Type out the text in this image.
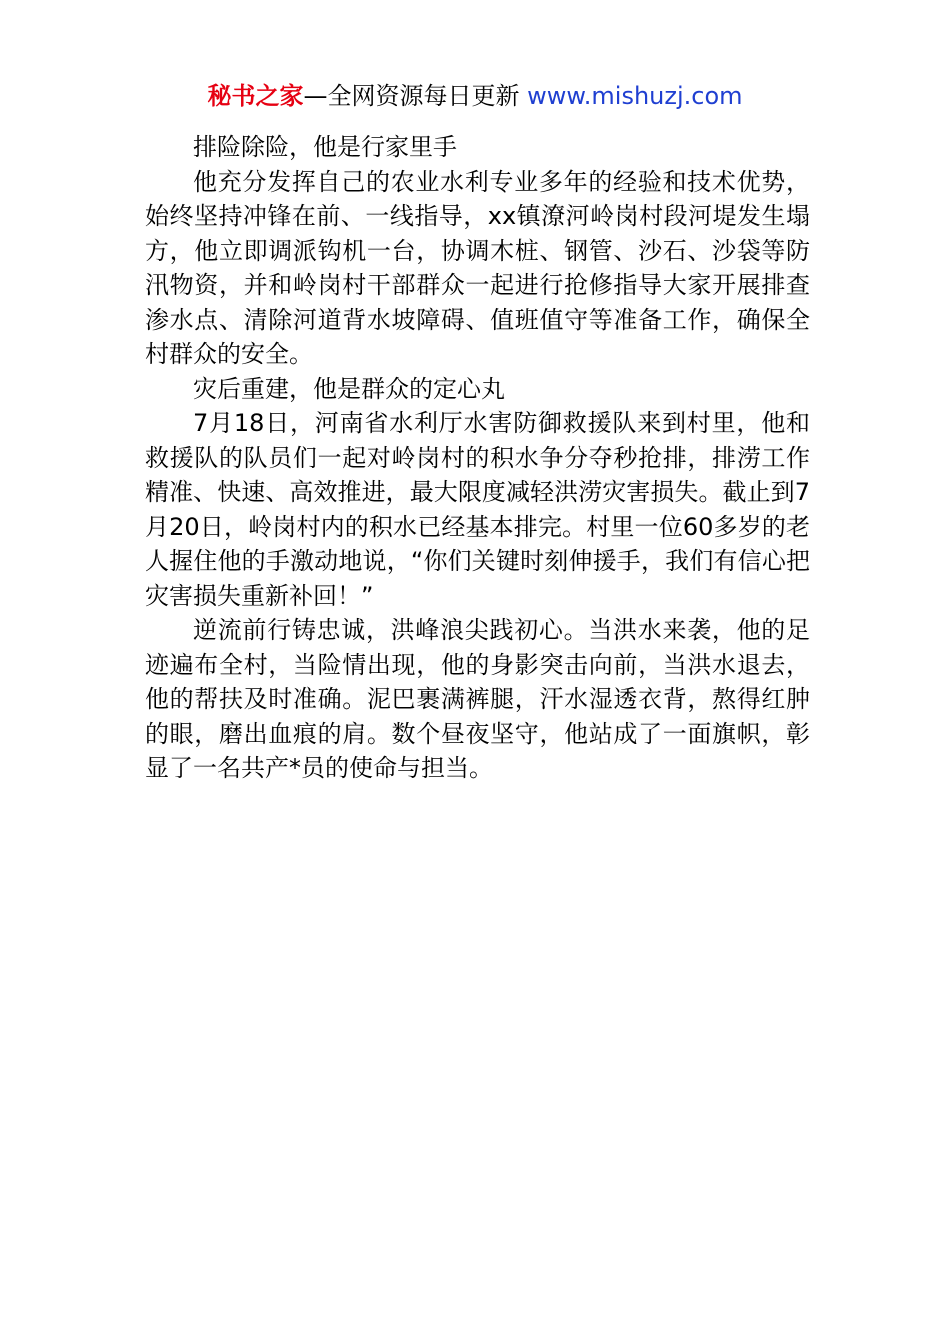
秘书之家—全网资源每日更新 www.mishuzj.com

排险除险，他是行家里手

他充分发挥自己的农业水利专业多年的经验和技术优势，始终坚持冲锋在前、一线指导，xx镇潦河岭岗村段河堤发生塌方，他立即调派钩机一台，协调木桩、钢管、沙石、沙袋等防汛物资，并和岭岗村干部群众一起进行抢修指导大家开展排查渗水点、清除河道背水坡障碍、值班值守等准备工作，确保全村群众的安全。

灾后重建，他是群众的定心丸

7月18日，河南省水利厅水害防御救援队来到村里，他和救援队的队员们一起对岭岗村的积水争分夺秒抢排，排涝工作精准、快速、高效推进，最大限度减轻洪涝灾害损失。截止到7月20日，岭岗村内的积水已经基本排完。村里一位60多岁的老人握住他的手激动地说，“你们关键时刻伸援手，我们有信心把灾害损失重新补回！”

逆流前行铸忠诚，洪峰浪尖践初心。当洪水来袭，他的足迹遍布全村，当险情出现，他的身影突击向前，当洪水退去，他的帮扶及时准确。泥巴裹满裤腿，汗水湿透衣背，熬得红肿的眼，磨出血痕的肩。数个昼夜坚守，他站成了一面旗帜，彰显了一名共产*员的使命与担当。
